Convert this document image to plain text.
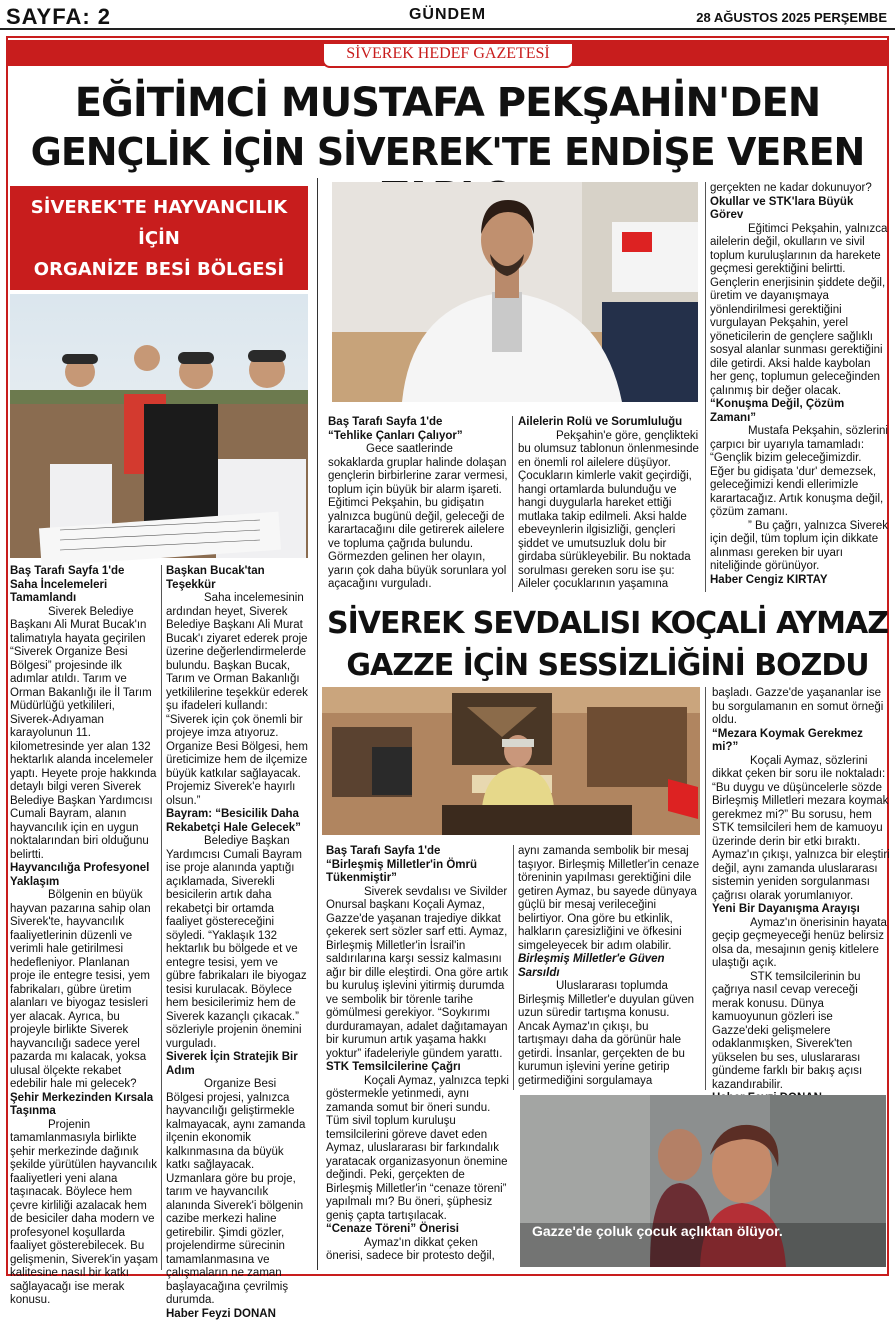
SAYFA: 2	GÜNDEM	28 AĞUSTOS 2025 PERŞEMBE
SİVEREK HEDEF GAZETESİ
EĞİTİMCİ MUSTAFA PEKŞAHİN'DEN
GENÇLİK İÇİN SİVEREK'TE ENDİŞE VEREN
SİVEREK'TE HAYVANCILIK İÇİN
ORGANİZE BESİ BÖLGESİ

Baş Tarafı Sayfa 1'de

Saha İncelemeleri Tamamlandı

Siverek Belediye Başkanı Ali Murat Bucak'ın talimatıyla hayata geçirilen “Siverek Organize Besi Bölgesi” projesinde ilk adımlar atıldı. Tarım ve Orman Bakanlığı ile İl Tarım Müdürlüğü yetkilileri, Siverek-Adıyaman karayolunun 11. kilometresinde yer alan 132 hektarlık alanda incelemeler yaptı. Heyete proje hakkında detaylı bilgi veren Siverek Belediye Başkan Yardımcısı Cumali Bayram, alanın hayvancılık için en uygun noktalarından biri olduğunu belirtti.

Hayvancılığa Profesyonel Yaklaşım

Bölgenin en büyük hayvan pazarına sahip olan Siverek'te, hayvancılık faaliyetlerinin düzenli ve verimli hale getirilmesi hedefleniyor. Planlanan proje ile entegre tesisi, yem fabrikaları, gübre üretim alanları ve biyogaz tesisleri yer alacak. Ayrıca, bu projeyle birlikte Siverek hayvancılığı sadece yerel pazarda mı kalacak, yoksa ulusal ölçekte rekabet edebilir hale mi gelecek?

Şehir Merkezinden Kırsala Taşınma

Projenin tamamlanmasıyla birlikte şehir merkezinde dağınık şekilde yürütülen hayvancılık faaliyetleri yeni alana taşınacak. Böylece hem çevre kirliliği azalacak hem de besiciler daha modern ve profesyonel koşullarda faaliyet gösterebilecek. Bu gelişmenin, Siverek'in yaşam kalitesine nasıl bir katkı sağlayacağı ise merak konusu.

Başkan Bucak'tan Teşekkür

Saha incelemesinin ardından heyet, Siverek Belediye Başkanı Ali Murat Bucak'ı ziyaret ederek proje üzerine değerlendirmelerde bulundu. Başkan Bucak, Tarım ve Orman Bakanlığı yetkililerine teşekkür ederek şu ifadeleri kullandı: “Siverek için çok önemli bir projeye imza atıyoruz. Organize Besi Bölgesi, hem üreticimize hem de ilçemize büyük katkılar sağlayacak. Projemiz Siverek'e hayırlı olsun.”

Bayram: “Besicilik Daha Rekabetçi Hale Gelecek”

Belediye Başkan Yardımcısı Cumali Bayram ise proje alanında yaptığı açıklamada, Siverekli besicilerin artık daha rekabetçi bir ortamda faaliyet göstereceğini söyledi. “Yaklaşık 132 hektarlık bu bölgede et ve entegre tesisi, yem ve gübre fabrikaları ile biyogaz tesisi kurulacak. Böylece hem besicilerimiz hem de Siverek kazançlı çıkacak.” sözleriyle projenin önemini vurguladı.

Siverek İçin Stratejik Bir Adım

Organize Besi Bölgesi projesi, yalnızca hayvancılığı geliştirmekle kalmayacak, aynı zamanda ilçenin ekonomik kalkınmasına da büyük katkı sağlayacak. Uzmanlara göre bu proje, tarım ve hayvancılık alanında Siverek'i bölgenin cazibe merkezi haline getirebilir. Şimdi gözler, projelendirme sürecinin tamamlanmasına ve çalışmaların ne zaman başlayacağına çevrilmiş durumda.

Haber Feyzi DONAN

Baş Tarafı Sayfa 1'de

“Tehlike Çanları Çalıyor”

Gece saatlerinde sokaklarda gruplar halinde dolaşan gençlerin birbirlerine zarar vermesi, toplum için büyük bir alarm işareti. Eğitimci Pekşahin, bu gidişatın yalnızca bugünü değil, geleceği de karartacağını dile getirerek ailelere ve topluma çağrıda bulundu. Görmezden gelinen her olayın, yarın çok daha büyük sorunlara yol açacağını vurguladı.

Ailelerin Rolü ve Sorumluluğu

Pekşahin'e göre, gençlikteki bu olumsuz tablonun önlenmesinde en önemli rol ailelere düşüyor. Çocukların kimlerle vakit geçirdiği, hangi ortamlarda bulunduğu ve hangi duygularla hareket ettiği mutlaka takip edilmeli. Aksi halde ebeveynlerin ilgisizliği, gençleri şiddet ve umutsuzluk dolu bir girdaba sürükleyebilir. Bu noktada sorulması gereken soru ise şu: Aileler çocuklarının yaşamına

gerçekten ne kadar dokunuyor?

Okullar ve STK'lara Büyük Görev

Eğitimci Pekşahin, yalnızca ailelerin değil, okulların ve sivil toplum kuruluşlarının da harekete geçmesi gerektiğini belirtti. Gençlerin enerjisinin şiddete değil, üretim ve dayanışmaya yönlendirilmesi gerektiğini vurgulayan Pekşahin, yerel yöneticilerin de gençlere sağlıklı sosyal alanlar sunması gerektiğini dile getirdi. Aksi halde kaybolan her genç, toplumun geleceğinden çalınmış bir değer olacak.

“Konuşma Değil, Çözüm Zamanı”

Mustafa Pekşahin, sözlerini çarpıcı bir uyarıyla tamamladı: “Gençlik bizim geleceğimizdir. Eğer bu gidişata 'dur' demezsek, geleceğimizi kendi ellerimizle karartacağız. Artık konuşma değil, çözüm zamanı.

” Bu çağrı, yalnızca Siverek için değil, tüm toplum için dikkate alınması gereken bir uyarı niteliğinde görünüyor.

Haber Cengiz KIRTAY

SİVEREK SEVDALISI KOÇALİ AYMAZ
GAZZE İÇİN SESSİZLİĞİNİ BOZDU

Baş Tarafı Sayfa 1'de

“Birleşmiş Milletler'in Ömrü Tükenmiştir”

Siverek sevdalısı ve Sivilder Onursal başkanı Koçali Aymaz, Gazze'de yaşanan trajediye dikkat çekerek sert sözler sarf etti. Aymaz, Birleşmiş Milletler'in İsrail'in saldırılarına karşı sessiz kalmasını ağır bir dille eleştirdi. Ona göre artık bu kuruluş işlevini yitirmiş durumda ve sembolik bir törenle tarihe gömülmesi gerekiyor. “Soykırımı durduramayan, adalet dağıtamayan bir kurumun artık yaşama hakkı yoktur” ifadeleriyle gündem yarattı.

STK Temsilcilerine Çağrı

Koçali Aymaz, yalnızca tepki göstermekle yetinmedi, aynı zamanda somut bir öneri sundu. Tüm sivil toplum kuruluşu temsilcilerini göreve davet eden Aymaz, uluslararası bir farkındalık yaratacak organizasyonun önemine değindi. Peki, gerçekten de Birleşmiş Milletler'in “cenaze töreni” yapılmalı mı? Bu öneri, şüphesiz geniş çapta tartışılacak.

“Cenaze Töreni” Önerisi

Aymaz'ın dikkat çeken önerisi, sadece bir protesto değil,

aynı zamanda sembolik bir mesaj taşıyor. Birleşmiş Milletler'in cenaze töreninin yapılması gerektiğini dile getiren Aymaz, bu sayede dünyaya güçlü bir mesaj verileceğini belirtiyor. Ona göre bu etkinlik, halkların çaresizliğini ve öfkesini simgeleyecek bir adım olabilir.

Birleşmiş Milletler'e Güven Sarsıldı

Uluslararası toplumda Birleşmiş Milletler'e duyulan güven uzun süredir tartışma konusu. Ancak Aymaz'ın çıkışı, bu tartışmayı daha da görünür hale getirdi. İnsanlar, gerçekten de bu kurumun işlevini yerine getirip getirmediğini sorgulamaya

başladı. Gazze'de yaşananlar ise bu sorgulamanın en somut örneği oldu.

“Mezara Koymak Gerekmez mi?”

Koçali Aymaz, sözlerini dikkat çeken bir soru ile noktaladı: “Bu duygu ve düşüncelerle sözde Birleşmiş Milletleri mezara koymak gerekmez mi?” Bu sorusu, hem STK temsilcileri hem de kamuoyu üzerinde derin bir etki bıraktı. Aymaz'ın çıkışı, yalnızca bir eleştiri değil, aynı zamanda uluslararası sistemin yeniden sorgulanması çağrısı olarak yorumlanıyor.

Yeni Bir Dayanışma Arayışı

Aymaz'ın önerisinin hayata geçip geçmeyeceği henüz belirsiz olsa da, mesajının geniş kitlelere ulaştığı açık.

STK temsilcilerinin bu çağrıya nasıl cevap vereceği merak konusu. Dünya kamuoyunun gözleri ise Gazze'deki gelişmelere odaklanmışken, Siverek'ten yükselen bu ses, uluslararası gündeme farklı bir bakış açısı kazandırabilir.

Gazze'de çoluk çocuk açlıktan ölüyor.
